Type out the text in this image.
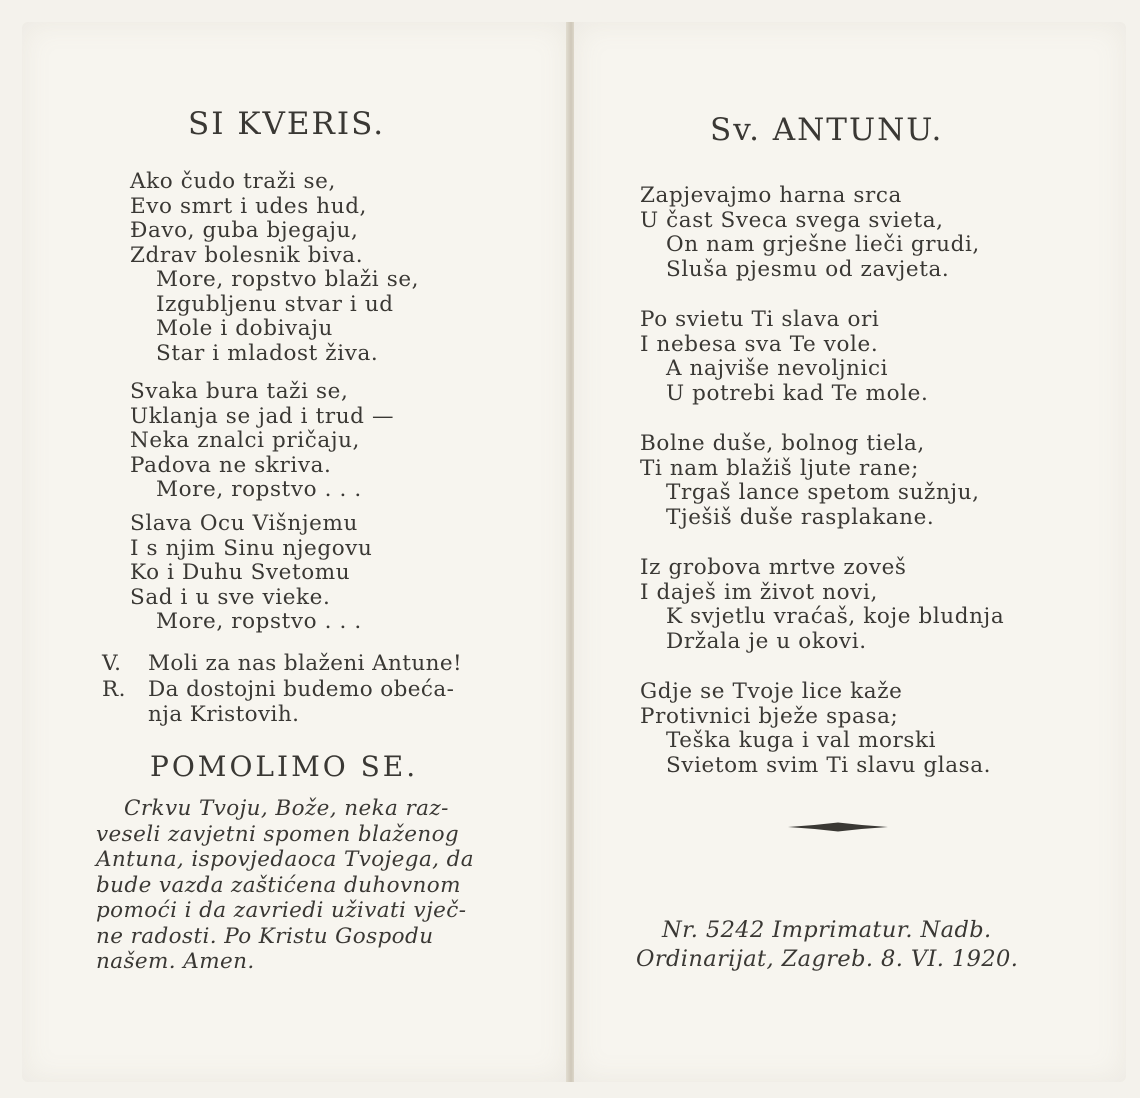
SI KVERIS.
Ako čudo traži se,
Evo smrt i udes hud,
Đavo, guba bjegaju,
Zdrav bolesnik biva.
More, ropstvo blaži se,
Izgubljenu stvar i ud
Mole i dobivaju
Star i mladost živa.
Svaka bura taži se,
Uklanja se jad i trud —
Neka znalci pričaju,
Padova ne skriva.
More, ropstvo . . .
Slava Ocu Višnjemu
I s njim Sinu njegovu
Ko i Duhu Svetomu
Sad i u sve vieke.
More, ropstvo . . .
V. Moli za nas blaženi Antune!
R. Da dostojni budemo obeća-
nja Kristovih.
POMOLIMO SE.
Crkvu Tvoju, Bože, neka raz-
veseli zavjetni spomen blaženog
Antuna, ispovjedaoca Tvojega, da
bude vazda zaštićena duhovnom
pomoći i da zavriedi uživati vječ-
ne radosti. Po Kristu Gospodu
našem. Amen.
Sv. ANTUNU.
Zapjevajmo harna srca
U čast Sveca svega svieta,
On nam grješne lieči grudi,
Sluša pjesmu od zavjeta.
Po svietu Ti slava ori
I nebesa sva Te vole.
A najviše nevoljnici
U potrebi kad Te mole.
Bolne duše, bolnog tiela,
Ti nam blažiš ljute rane;
Trgaš lance spetom sužnju,
Tješiš duše rasplakane.
Iz grobova mrtve zoveš
I daješ im život novi,
K svjetlu vraćaš, koje bludnja
Držala je u okovi.
Gdje se Tvoje lice kaže
Protivnici bježe spasa;
Teška kuga i val morski
Svietom svim Ti slavu glasa.
Nr. 5242 Imprimatur. Nadb.
Ordinarijat, Zagreb. 8. VI. 1920.
